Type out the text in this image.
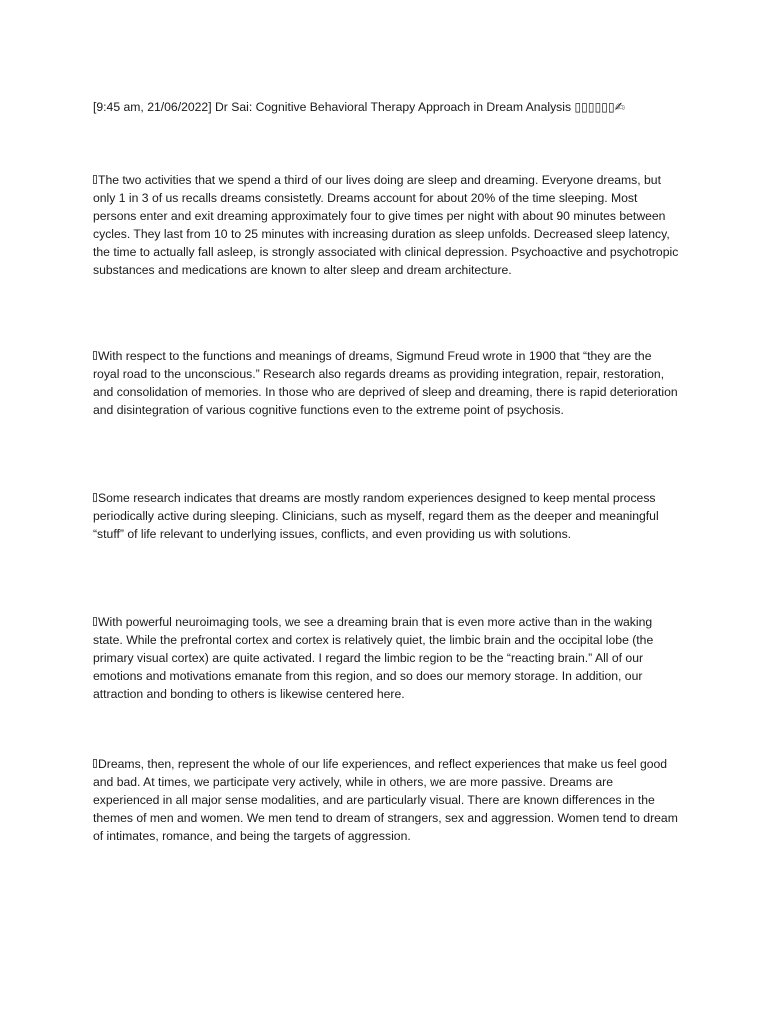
[9:45 am, 21/06/2022] Dr Sai: Cognitive Behavioral Therapy Approach in Dream Analysis ▯▯▯▯▯▯✍

The two activities that we spend a third of our lives doing are sleep and dreaming. Everyone dreams, but only 1 in 3 of us recalls dreams consistetly. Dreams account for about 20% of the time sleeping. Most persons enter and exit dreaming approximately four to give times per night with about 90 minutes between cycles. They last from 10 to 25 minutes with increasing duration as sleep unfolds. Decreased sleep latency, the time to actually fall asleep, is strongly associated with clinical depression. Psychoactive and psychotropic substances and medications are known to alter sleep and dream architecture.

With respect to the functions and meanings of dreams, Sigmund Freud wrote in 1900 that “they are the royal road to the unconscious.” Research also regards dreams as providing integration, repair, restoration, and consolidation of memories. In those who are deprived of sleep and dreaming, there is rapid deterioration and disintegration of various cognitive functions even to the extreme point of psychosis.

Some research indicates that dreams are mostly random experiences designed to keep mental process periodically active during sleeping. Clinicians, such as myself, regard them as the deeper and meaningful “stuff” of life relevant to underlying issues, conflicts, and even providing us with solutions.

With powerful neuroimaging tools, we see a dreaming brain that is even more active than in the waking state. While the prefrontal cortex and cortex is relatively quiet, the limbic brain and the occipital lobe (the primary visual cortex) are quite activated. I regard the limbic region to be the “reacting brain.” All of our emotions and motivations emanate from this region, and so does our memory storage. In addition, our attraction and bonding to others is likewise centered here.

Dreams, then, represent the whole of our life experiences, and reflect experiences that make us feel good and bad. At times, we participate very actively, while in others, we are more passive. Dreams are experienced in all major sense modalities, and are particularly visual. There are known differences in the themes of men and women. We men tend to dream of strangers, sex and aggression. Women tend to dream of intimates, romance, and being the targets of aggression.
